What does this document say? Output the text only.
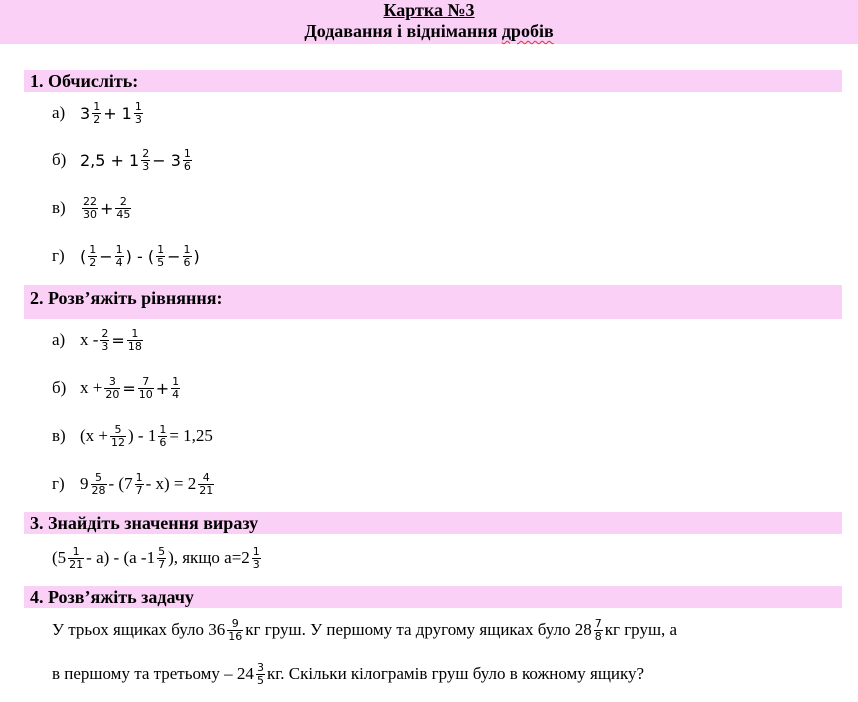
Картка №3
Додавання і віднімання дробів
1. Обчисліть:
а) $3 \frac{1}{2} + 1 \frac{1}{3}$
б) $2,5 + 1 \frac{2}{3} - 3 \frac{1}{6}$
в)	$\frac{22}{30} + \frac{2}{45}$
г) ( $\frac{1}{2} - \frac{1}{4}$ ) - ( $\frac{1}{5} - \frac{1}{6}$ )
2. Розв’яжіть рівняння:
а) $х - \frac{2}{3} = \frac{1}{18}$
б) $х + \frac{3}{20} = \frac{7}{10} + \frac{1}{4}$
в) ($х + \frac{5}{12}$ ) - $1 \frac{1}{6} = 1,25$
г) $9 \frac{5}{28} - (7 \frac{1}{7} - х) = 2 \frac{4}{21}$
3. Знайдіть значення виразу
$(5 \frac{1}{21} - а) - (а$ $-1 \frac{5}{7}$ ), якщо $а=2 \frac{1}{3}$
4. Розв’яжіть задачу
У трьох ящиках було $36 \frac{9}{16}$ кг груш. У першому та другому ящиках було $28 \frac{7}{8}$ кг груш, а
в першому та третьому – $24 \frac{3}{5}$ кг. Скільки кілограмів груш було в кожному ящику?
